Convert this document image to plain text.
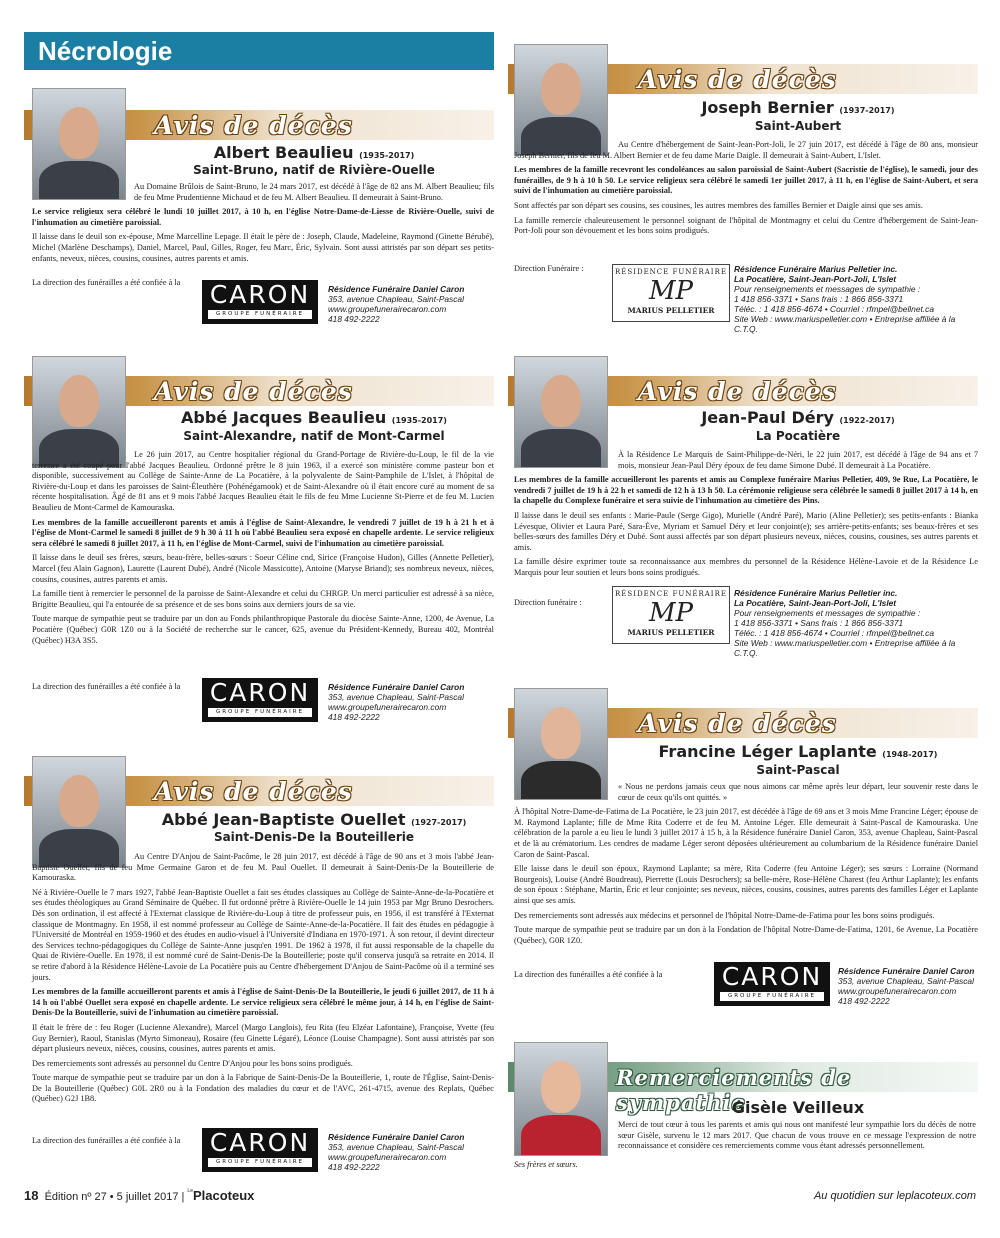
Nécrologie
Avis de décès
Albert Beaulieu (1935-2017)
Saint-Bruno, natif de Rivière-Ouelle

Au Domaine Brûlois de Saint-Bruno, le 24 mars 2017, est décédé à l'âge de 82 ans M. Albert Beaulieu; fils de feu Mme Prudentienne Michaud et de feu M. Albert Beaulieu. Il demeurait à Saint-Bruno.

Le service religieux sera célébré le lundi 10 juillet 2017, à 10 h, en l'église Notre-Dame-de-Liesse de Rivière-Ouelle, suivi de l'inhumation au cimetière paroissial.

Il laisse dans le deuil son ex-épouse, Mme Marcelline Lepage. Il était le père de : Joseph, Claude, Madeleine, Raymond (Ginette Bérubé), Michel (Marlène Deschamps), Daniel, Marcel, Paul, Gilles, Roger, feu Marc, Éric, Sylvain. Sont aussi attristés par son départ ses petits-enfants, neveux, nièces, cousins, cousines, autres parents et amis.

La direction des funérailles a été confiée à la	CARON
GROUPE FUNÉRAIRE
Résidence Funéraire Daniel Caron
353, avenue Chapleau, Saint-Pascal
www.groupefunerairecaron.com
418 492-2222
Avis de décès
Abbé Jacques Beaulieu (1935-2017)
Saint-Alexandre, natif de Mont-Carmel

Le 26 juin 2017, au Centre hospitalier régional du Grand-Portage de Rivière-du-Loup, le fil de la vie terrestre a été coupé pour l'abbé Jacques Beaulieu. Ordonné prêtre le 8 juin 1963, il a exercé son ministère comme pasteur bon et disponible, successivement au Collège de Sainte-Anne de La Pocatière, à la polyvalente de Saint-Pamphile de L'Islet, à l'hôpital de Rivière-du-Loup et dans les paroisses de Saint-Éleuthère (Pohénégamook) et de Saint-Alexandre où il était encore curé au moment de sa récente hospitalisation. Âgé de 81 ans et 9 mois l'abbé Jacques Beaulieu était le fils de feu Mme Lucienne St-Pierre et de feu M. Lucien Beaulieu de Mont-Carmel de Kamouraska.

Les membres de la famille accueilleront parents et amis à l'église de Saint-Alexandre, le vendredi 7 juillet de 19 h à 21 h et à l'église de Mont-Carmel le samedi 8 juillet de 9 h 30 à 11 h où l'abbé Beaulieu sera exposé en chapelle ardente. Le service religieux sera célébré le samedi 8 juillet 2017, à 11 h, en l'église de Mont-Carmel, suivi de l'inhumation au cimetière paroissial.

Il laisse dans le deuil ses frères, sœurs, beau-frère, belles-sœurs : Soeur Céline cnd, Sirice (Françoise Hudon), Gilles (Annette Pelletier), Marcel (feu Alain Gagnon), Laurette (Laurent Dubé), André (Nicole Massicotte), Antoine (Maryse Briand); ses nombreux neveux, nièces, cousins, cousines, autres parents et amis.

La famille tient à remercier le personnel de la paroisse de Saint-Alexandre et celui du CHRGP. Un merci particulier est adressé à sa nièce, Brigitte Beaulieu, qui l'a entourée de sa présence et de ses bons soins aux derniers jours de sa vie.

Toute marque de sympathie peut se traduire par un don au Fonds philanthropique Pastorale du diocèse Sainte-Anne, 1200, 4e Avenue, La Pocatière (Québec) G0R 1Z0 ou à la Société de recherche sur le cancer, 625, avenue du Président-Kennedy, Bureau 402, Montréal (Québec) H3A 3S5.

La direction des funérailles a été confiée à la	CARON
GROUPE FUNÉRAIRE
Résidence Funéraire Daniel Caron
353, avenue Chapleau, Saint-Pascal
www.groupefunerairecaron.com
418 492-2222
Avis de décès
Abbé Jean-Baptiste Ouellet (1927-2017)
Saint-Denis-De la Bouteillerie

Au Centre D'Anjou de Saint-Pacôme, le 28 juin 2017, est décédé à l'âge de 90 ans et 3 mois l'abbé Jean-Baptiste Ouellet; fils de feu Mme Germaine Garon et de feu M. Paul Ouellet. Il demeurait à Saint-Denis-De la Bouteillerie de Kamouraska.

Né à Rivière-Ouelle le 7 mars 1927, l'abbé Jean-Baptiste Ouellet a fait ses études classiques au Collège de Sainte-Anne-de-la-Pocatière et ses études théologiques au Grand Séminaire de Québec. Il fut ordonné prêtre à Rivière-Ouelle le 14 juin 1953 par Mgr Bruno Desrochers. Dès son ordination, il est affecté à l'Externat classique de Rivière-du-Loup à titre de professeur puis, en 1956, il est transféré à l'Externat classique de Montmagny. En 1958, il est nommé professeur au Collège de Sainte-Anne-de-la-Pocatière. Il fait des études en pédagogie à l'Université de Montréal en 1959-1960 et des études en audio-visuel à l'Université d'Indiana en 1970-1971. À son retour, il devint directeur des Services techno-pédagogiques du Collège de Sainte-Anne jusqu'en 1991. De 1962 à 1978, il fut aussi responsable de la chapelle du Quai de Rivière-Ouelle. En 1978, il est nommé curé de Saint-Denis-De la Bouteillerie; poste qu'il conserva jusqu'à sa retraite en 2014. Il se retire d'abord à la Résidence Hélène-Lavoie de La Pocatière puis au Centre d'hébergement D'Anjou de Saint-Pacôme où il a terminé ses jours.

Les membres de la famille accueilleront parents et amis à l'église de Saint-Denis-De la Bouteillerie, le jeudi 6 juillet 2017, de 11 h à 14 h où l'abbé Ouellet sera exposé en chapelle ardente. Le service religieux sera célébré le même jour, à 14 h, en l'église de Saint-Denis-De la Bouteillerie, suivi de l'inhumation au cimetière paroissial.

Il était le frère de : feu Roger (Lucienne Alexandre), Marcel (Margo Langlois), feu Rita (feu Elzéar Lafontaine), Françoise, Yvette (feu Guy Bernier), Raoul, Stanislas (Myrto Simoneau), Rosaire (feu Ginette Légaré), Léonce (Louise Champagne). Sont aussi attristés par son départ plusieurs neveux, nièces, cousins, cousines, autres parents et amis.

Des remerciements sont adressés au personnel du Centre D'Anjou pour les bons soins prodigués.

Toute marque de sympathie peut se traduire par un don à la Fabrique de Saint-Denis-De la Bouteillerie, 1, route de l'Église, Saint-Denis-De la Bouteillerie (Québec) G0L 2R0 ou à la Fondation des maladies du cœur et de l'AVC, 261-4715, avenue des Replats, Québec (Québec) G2J 1B8.

La direction des funérailles a été confiée à la	CARON
GROUPE FUNÉRAIRE
Résidence Funéraire Daniel Caron
353, avenue Chapleau, Saint-Pascal
www.groupefunerairecaron.com
418 492-2222
Avis de décès
Joseph Bernier (1937-2017)
Saint-Aubert

Au Centre d'hébergement de Saint-Jean-Port-Joli, le 27 juin 2017, est décédé à l'âge de 80 ans, monsieur Joseph Bernier, fils de feu M. Albert Bernier et de feu dame Marie Daigle. Il demeurait à Saint-Aubert, L'Islet.

Les membres de la famille recevront les condoléances au salon paroissial de Saint-Aubert (Sacristie de l'église), le samedi, jour des funérailles, de 9 h à 10 h 50. Le service religieux sera célébré le samedi 1er juillet 2017, à 11 h, en l'église de Saint-Aubert, et sera suivi de l'inhumation au cimetière paroissial.

Sont affectés par son départ ses cousins, ses cousines, les autres membres des familles Bernier et Daigle ainsi que ses amis.

La famille remercie chaleureusement le personnel soignant de l'hôpital de Montmagny et celui du Centre d'hébergement de Saint-Jean-Port-Joli pour son dévouement et les bons soins prodigués.

Direction Funéraire :	RÉSIDENCE FUNÉRAIRE
MP
MARIUS PELLETIER
Résidence Funéraire Marius Pelletier inc.
La Pocatière, Saint-Jean-Port-Joli, L'Islet
Pour renseignements et messages de sympathie :
1 418 856-3371 • Sans frais : 1 866 856-3371
Téléc. : 1 418 856-4674 • Courriel : rfmpel@bellnet.ca
Site Web : www.mariuspelletier.com • Entreprise affiliée à la C.T.Q.
Avis de décès
Jean-Paul Déry (1922-2017)
La Pocatière

À la Résidence Le Marquis de Saint-Philippe-de-Néri, le 22 juin 2017, est décédé à l'âge de 94 ans et 7 mois, monsieur Jean-Paul Déry époux de feu dame Simone Dubé. Il demeurait à La Pocatière.

Les membres de la famille accueilleront les parents et amis au Complexe funéraire Marius Pelletier, 409, 9e Rue, La Pocatière, le vendredi 7 juillet de 19 h à 22 h et samedi de 12 h à 13 h 50. La cérémonie religieuse sera célébrée le samedi 8 juillet 2017 à 14 h, en la chapelle du Complexe funéraire et sera suivie de l'inhumation au cimetière des Pins.

Il laisse dans le deuil ses enfants : Marie-Paule (Serge Gigo), Murielle (André Paré), Mario (Aline Pelletier); ses petits-enfants : Bianka Lévesque, Olivier et Laura Paré, Sara-Ève, Myriam et Samuel Déry et leur conjoint(e); ses arrière-petits-enfants; ses beaux-frères et ses belles-sœurs des familles Déry et Dubé. Sont aussi affectés par son départ plusieurs neveux, nièces, cousins, cousines, ses autres parents et amis.

La famille désire exprimer toute sa reconnaissance aux membres du personnel de la Résidence Hélène-Lavoie et de la Résidence Le Marquis pour leur soutien et leurs bons soins prodigués.

Direction funéraire :
RÉSIDENCE FUNÉRAIRE
MP
MARIUS PELLETIER
Résidence Funéraire Marius Pelletier inc.
La Pocatière, Saint-Jean-Port-Joli, L'Islet
Pour renseignements et messages de sympathie :
1 418 856-3371 • Sans frais : 1 866 856-3371
Téléc. : 1 418 856-4674 • Courriel : rfmpel@bellnet.ca
Site Web : www.mariuspelletier.com • Entreprise affiliée à la C.T.Q.
Avis de décès
Francine Léger Laplante (1948-2017)
Saint-Pascal

« Nous ne perdons jamais ceux que nous aimons car même après leur départ, leur souvenir reste dans le cœur de ceux qu'ils ont quittés. »

À l'hôpital Notre-Dame-de-Fatima de La Pocatière, le 23 juin 2017, est décédée à l'âge de 69 ans et 3 mois Mme Francine Léger; épouse de M. Raymond Laplante; fille de Mme Rita Coderre et de feu M. Antoine Léger. Elle demeurait à Saint-Pascal de Kamouraska. Une célébration de la parole a eu lieu le lundi 3 juillet 2017 à 15 h, à la Résidence funéraire Daniel Caron, 353, avenue Chapleau, Saint-Pascal et de là au crématorium. Les cendres de madame Léger seront déposées ultérieurement au columbarium de la Résidence funéraire Daniel Caron de Saint-Pascal.

Elle laisse dans le deuil son époux, Raymond Laplante; sa mère, Rita Coderre (feu Antoine Léger); ses sœurs : Lorraine (Normand Bourgeois), Louise (André Boudreau), Pierrette (Louis Desrochers); sa belle-mère, Rose-Hélène Charest (feu Arthur Laplante); les enfants de son époux : Stéphane, Martin, Éric et leur conjointe; ses neveux, nièces, cousins, cousines, autres parents des familles Léger et Laplante ainsi que ses amis.

Des remerciements sont adressés aux médecins et personnel de l'hôpital Notre-Dame-de-Fatima pour les bons soins prodigués.

Toute marque de sympathie peut se traduire par un don à la Fondation de l'hôpital Notre-Dame-de-Fatima, 1201, 6e Avenue, La Pocatière (Québec), G0R 1Z0.

La direction des funérailles a été confiée à la	CARON
GROUPE FUNÉRAIRE
Résidence Funéraire Daniel Caron
353, avenue Chapleau, Saint-Pascal
www.groupefunerairecaron.com
418 492-2222
Remerciements de sympathie
Gisèle Veilleux

Merci de tout cœur à tous les parents et amis qui nous ont manifesté leur sympathie lors du décès de notre sœur Gisèle, survenu le 12 mars 2017. Que chacun de vous trouve en ce message l'expression de notre reconnaissance et considère ces remerciements comme vous étant adressés personnellement.

Ses frères et sœurs.
18 Édition nº 27 • 5 juillet 2017 | $^{Le}$Placoteux	Au quotidien sur leplacoteux.com
